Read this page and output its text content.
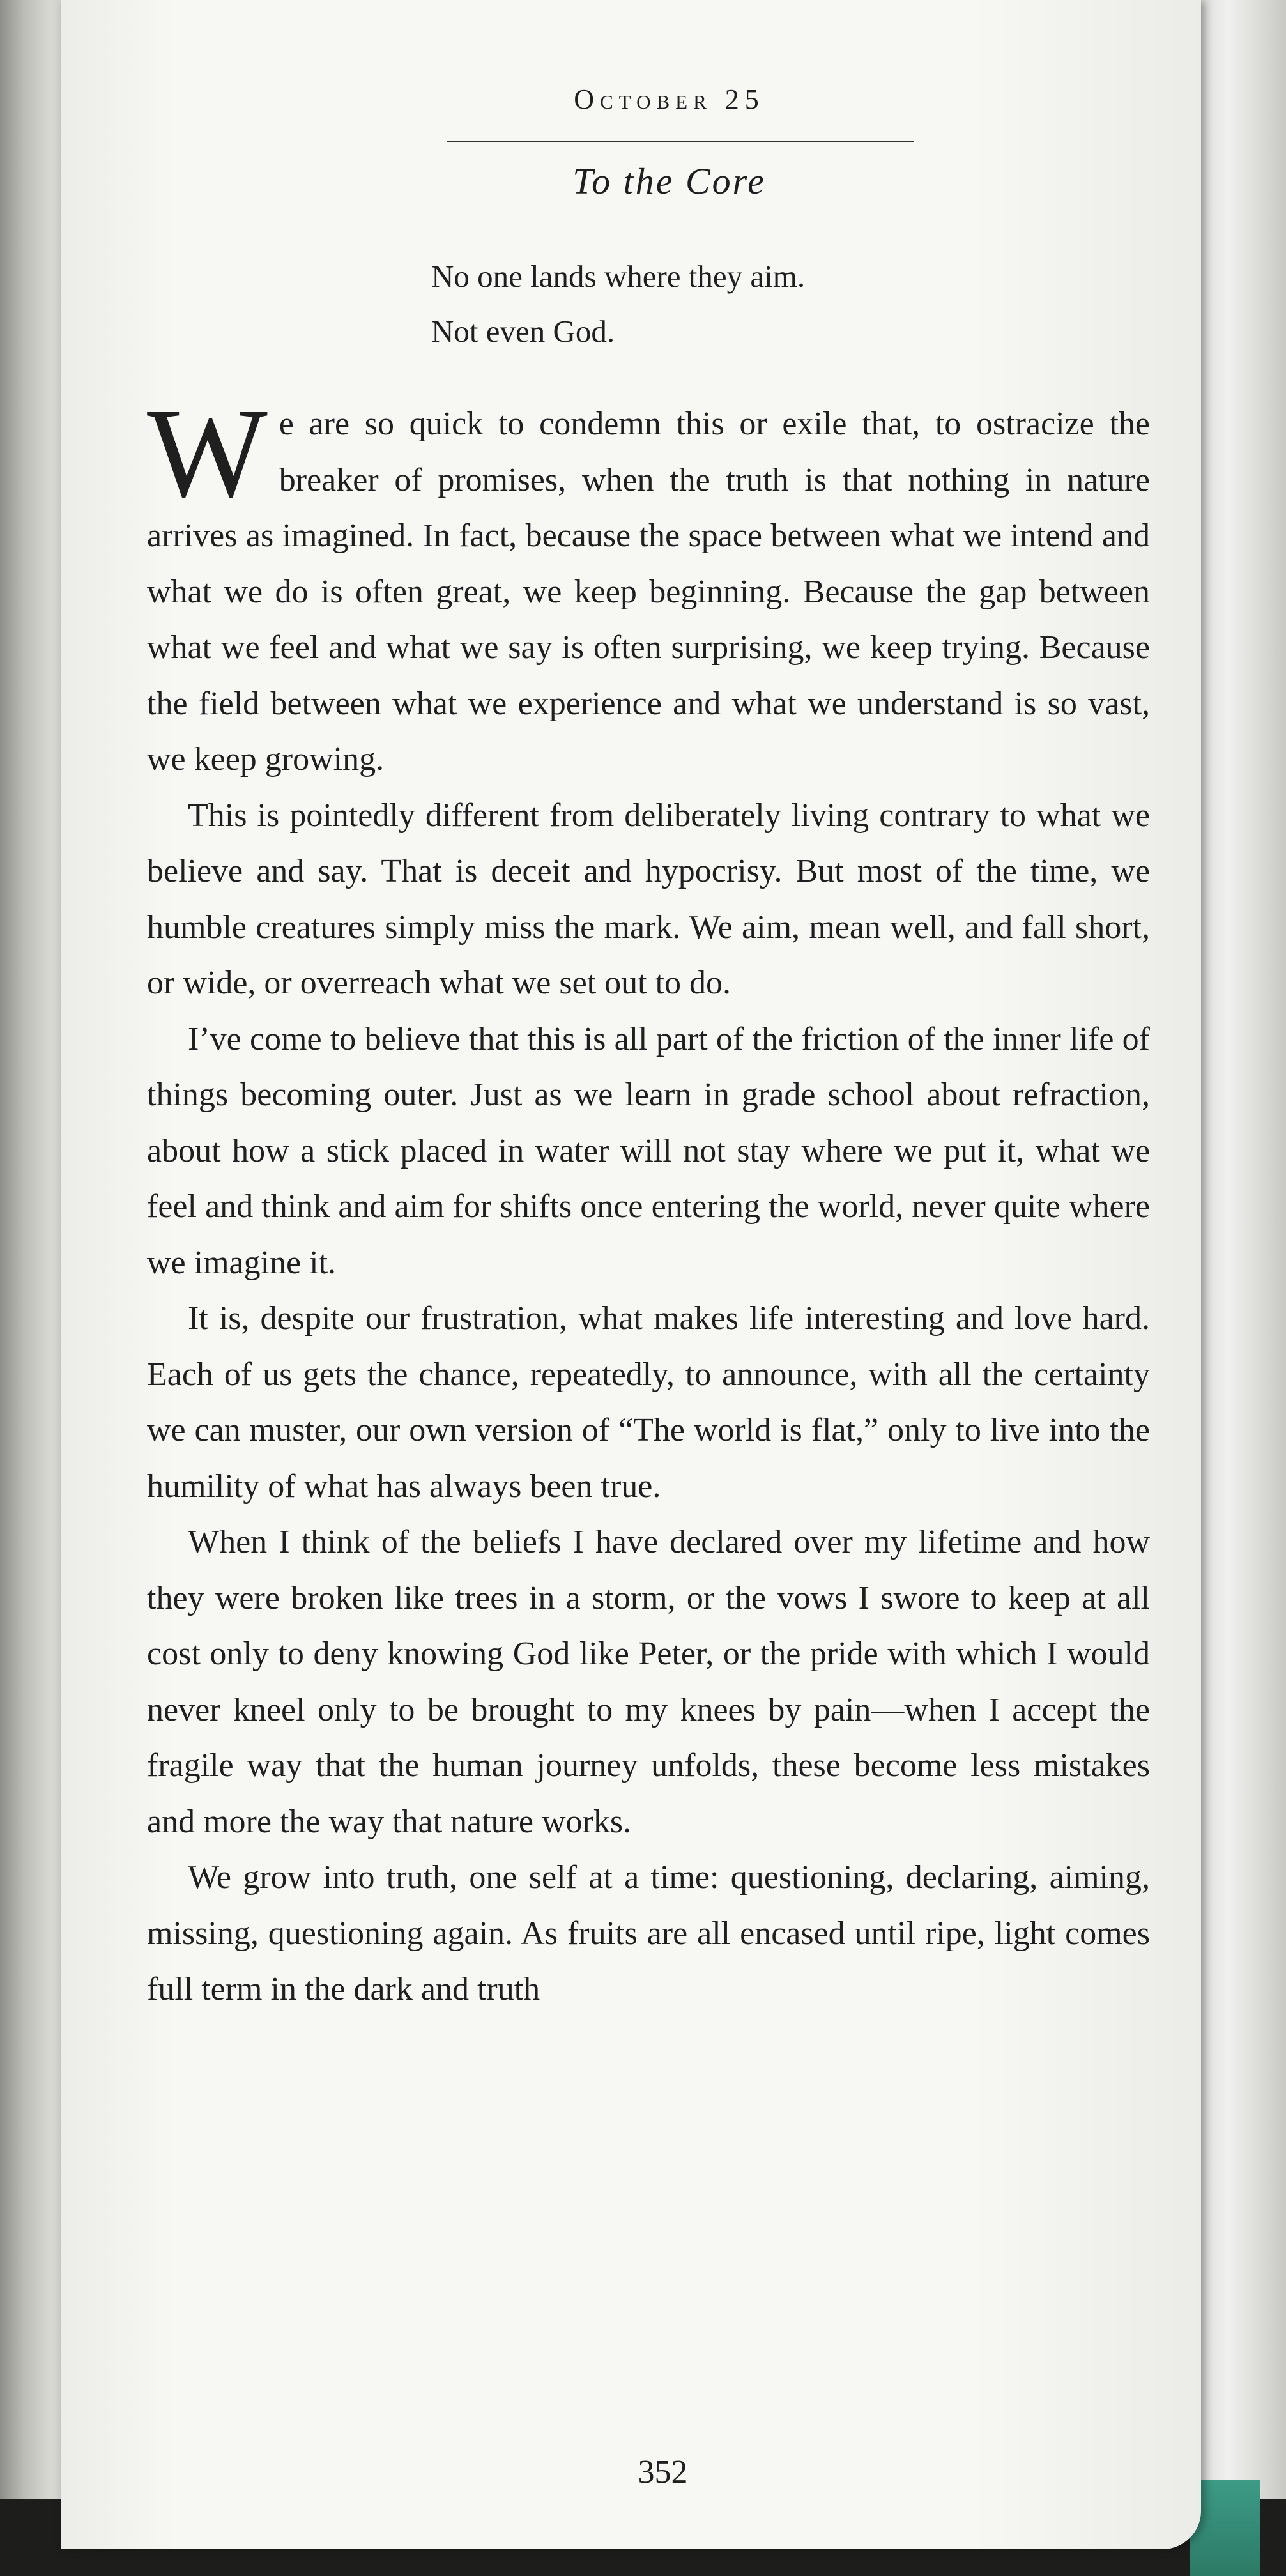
October 25
To the Core
No one lands where they aim.
Not even God.

We are so quick to condemn this or exile that, to ostracize the breaker of promises, when the truth is that nothing in nature arrives as imagined. In fact, because the space between what we intend and what we do is often great, we keep beginning. Because the gap between what we feel and what we say is often surprising, we keep trying. Because the field between what we experience and what we understand is so vast, we keep growing.

This is pointedly different from deliberately living contrary to what we believe and say. That is deceit and hypocrisy. But most of the time, we humble creatures simply miss the mark. We aim, mean well, and fall short, or wide, or overreach what we set out to do.

I’ve come to believe that this is all part of the friction of the inner life of things becoming outer. Just as we learn in grade school about refraction, about how a stick placed in water will not stay where we put it, what we feel and think and aim for shifts once entering the world, never quite where we imagine it.

It is, despite our frustration, what makes life interesting and love hard. Each of us gets the chance, repeatedly, to announce, with all the certainty we can muster, our own version of “The world is flat,” only to live into the humility of what has always been true.

When I think of the beliefs I have declared over my lifetime and how they were broken like trees in a storm, or the vows I swore to keep at all cost only to deny knowing God like Peter, or the pride with which I would never kneel only to be brought to my knees by pain—when I accept the fragile way that the human journey unfolds, these become less mistakes and more the way that nature works.

We grow into truth, one self at a time: questioning, declaring, aiming, missing, questioning again. As fruits are all encased until ripe, light comes full term in the dark and truth

352
